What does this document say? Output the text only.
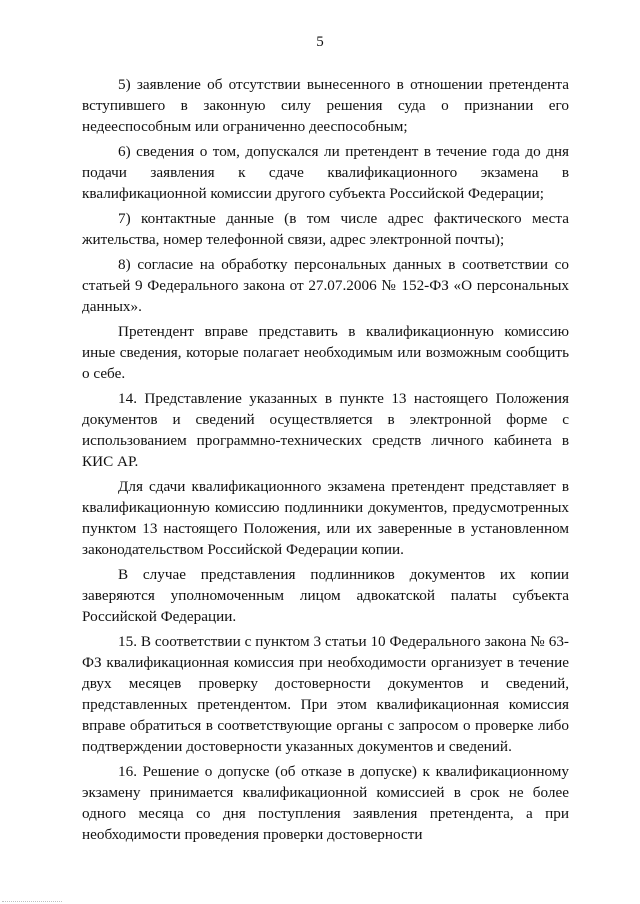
5

5) заявление об отсутствии вынесенного в отношении претендента вступившего в законную силу решения суда о признании его недееспособным или ограниченно дееспособным;

6) сведения о том, допускался ли претендент в течение года до дня подачи заявления к сдаче квалификационного экзамена в квалификационной комиссии другого субъекта Российской Федерации;

7) контактные данные (в том числе адрес фактического места жительства, номер телефонной связи, адрес электронной почты);

8) согласие на обработку персональных данных в соответствии со статьей 9 Федерального закона от 27.07.2006 № 152-ФЗ «О персональных данных».

Претендент вправе представить в квалификационную комиссию иные сведения, которые полагает необходимым или возможным сообщить о себе.

14. Представление указанных в пункте 13 настоящего Положения документов и сведений осуществляется в электронной форме с использованием программно-технических средств личного кабинета в КИС АР.

Для сдачи квалификационного экзамена претендент представляет в квалификационную комиссию подлинники документов, предусмотренных пунктом 13 настоящего Положения, или их заверенные в установленном законодательством Российской Федерации копии.

В случае представления подлинников документов их копии заверяются уполномоченным лицом адвокатской палаты субъекта Российской Федерации.

15. В соответствии с пунктом 3 статьи 10 Федерального закона № 63-ФЗ квалификационная комиссия при необходимости организует в течение двух месяцев проверку достоверности документов и сведений, представленных претендентом. При этом квалификационная комиссия вправе обратиться в соответствующие органы с запросом о проверке либо подтверждении достоверности указанных документов и сведений.

16. Решение о допуске (об отказе в допуске) к квалификационному экзамену принимается квалификационной комиссией в срок не более одного месяца со дня поступления заявления претендента, а при необходимости проведения проверки достоверности
